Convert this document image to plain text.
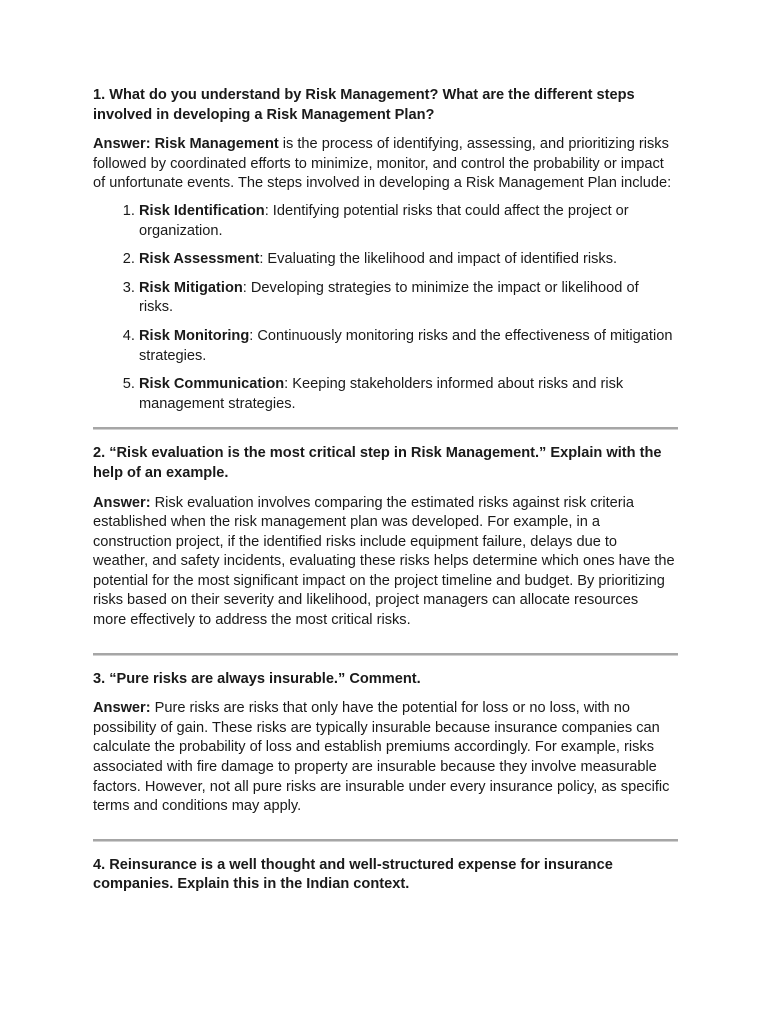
1. What do you understand by Risk Management? What are the different steps involved in developing a Risk Management Plan?

Answer: Risk Management is the process of identifying, assessing, and prioritizing risks followed by coordinated efforts to minimize, monitor, and control the probability or impact of unfortunate events. The steps involved in developing a Risk Management Plan include:

1. Risk Identification: Identifying potential risks that could affect the project or organization.
2. Risk Assessment: Evaluating the likelihood and impact of identified risks.
3. Risk Mitigation: Developing strategies to minimize the impact or likelihood of risks.
4. Risk Monitoring: Continuously monitoring risks and the effectiveness of mitigation strategies.
5. Risk Communication: Keeping stakeholders informed about risks and risk management strategies.

2. “Risk evaluation is the most critical step in Risk Management.” Explain with the help of an example.

Answer: Risk evaluation involves comparing the estimated risks against risk criteria established when the risk management plan was developed. For example, in a construction project, if the identified risks include equipment failure, delays due to weather, and safety incidents, evaluating these risks helps determine which ones have the potential for the most significant impact on the project timeline and budget. By prioritizing risks based on their severity and likelihood, project managers can allocate resources more effectively to address the most critical risks.

3. “Pure risks are always insurable.” Comment.

Answer: Pure risks are risks that only have the potential for loss or no loss, with no possibility of gain. These risks are typically insurable because insurance companies can calculate the probability of loss and establish premiums accordingly. For example, risks associated with fire damage to property are insurable because they involve measurable factors. However, not all pure risks are insurable under every insurance policy, as specific terms and conditions may apply.

4. Reinsurance is a well thought and well-structured expense for insurance companies. Explain this in the Indian context.
